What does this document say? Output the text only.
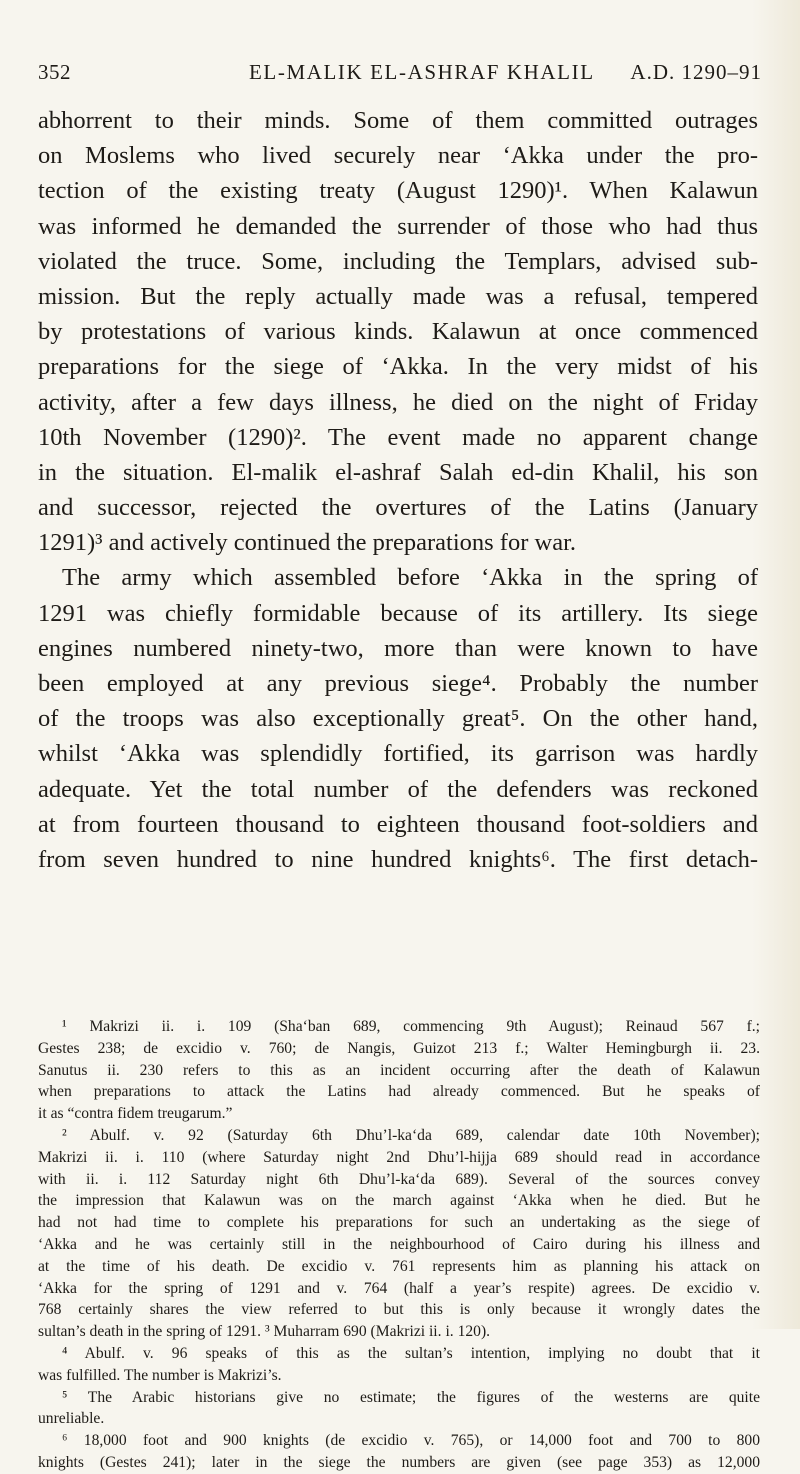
352	EL-MALIK EL-ASHRAF KHALIL A.D. 1290–91
abhorrent to their minds. Some of them committed outrages
on Moslems who lived securely near ‘Akka under the pro-
tection of the existing treaty (August 1290)¹. When Kalawun
was informed he demanded the surrender of those who had thus
violated the truce. Some, including the Templars, advised sub-
mission. But the reply actually made was a refusal, tempered
by protestations of various kinds. Kalawun at once commenced
preparations for the siege of ‘Akka. In the very midst of his
activity, after a few days illness, he died on the night of Friday
10th November (1290)². The event made no apparent change
in the situation. El-malik el-ashraf Salah ed-din Khalil, his son
and successor, rejected the overtures of the Latins (January
1291)³ and actively continued the preparations for war.
The army which assembled before ‘Akka in the spring of
1291 was chiefly formidable because of its artillery. Its siege
engines numbered ninety-two, more than were known to have
been employed at any previous siege⁴. Probably the number
of the troops was also exceptionally great⁵. On the other hand,
whilst ‘Akka was splendidly fortified, its garrison was hardly
adequate. Yet the total number of the defenders was reckoned
at from fourteen thousand to eighteen thousand foot-soldiers and
from seven hundred to nine hundred knights⁶. The first detach-
¹ Makrizi ii. i. 109 (Sha‘ban 689, commencing 9th August); Reinaud 567 f.;
Gestes 238; de excidio v. 760; de Nangis, Guizot 213 f.; Walter Hemingburgh ii. 23.
Sanutus ii. 230 refers to this as an incident occurring after the death of Kalawun
when preparations to attack the Latins had already commenced. But he speaks of
it as “contra fidem treugarum.”
² Abulf. v. 92 (Saturday 6th Dhu’l-ka‘da 689, calendar date 10th November);
Makrizi ii. i. 110 (where Saturday night 2nd Dhu’l-hijja 689 should read in accordance
with ii. i. 112 Saturday night 6th Dhu’l-ka‘da 689). Several of the sources convey
the impression that Kalawun was on the march against ‘Akka when he died. But he
had not had time to complete his preparations for such an undertaking as the siege of
‘Akka and he was certainly still in the neighbourhood of Cairo during his illness and
at the time of his death. De excidio v. 761 represents him as planning his attack on
‘Akka for the spring of 1291 and v. 764 (half a year’s respite) agrees. De excidio v.
768 certainly shares the view referred to but this is only because it wrongly dates the
sultan’s death in the spring of 1291. ³ Muharram 690 (Makrizi ii. i. 120).
⁴ Abulf. v. 96 speaks of this as the sultan’s intention, implying no doubt that it
was fulfilled. The number is Makrizi’s.
⁵ The Arabic historians give no estimate; the figures of the westerns are quite
unreliable.
⁶ 18,000 foot and 900 knights (de excidio v. 765), or 14,000 foot and 700 to 800
knights (Gestes 241); later in the siege the numbers are given (see page 353) as 12,000
